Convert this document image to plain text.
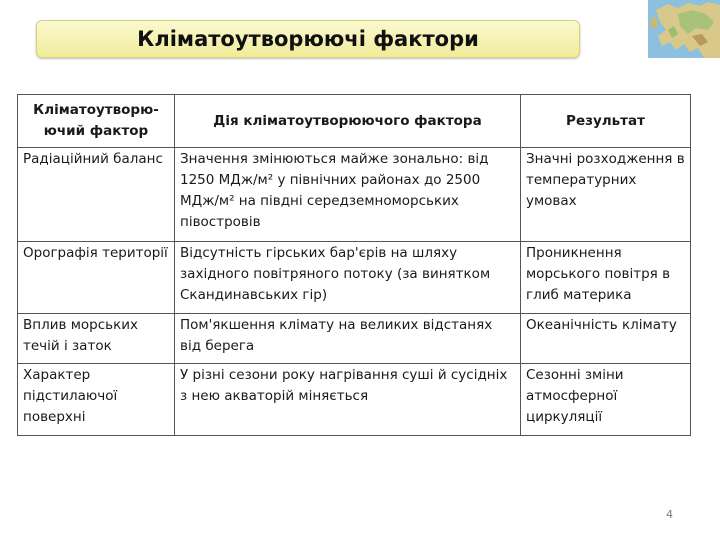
Кліматоутворюючі фактори
Кліматоутворю-ючий фактор	Дія кліматоутворюючого фактора	Результат
Радіаційний баланс	Значення змінюються майже зонально: від 1250 МДж/м² у північних районах до 2500 МДж/м² на півдні середземноморських півостровів	Значні розходження в температурних умовах
Орографія території	Відсутність гірських бар'єрів на шляху західного повітряного потоку (за винятком Скандинавських гір)	Проникнення морського повітря в глиб материка
Вплив морських течій і заток	Пом'якшення клімату на великих відстанях від берега	Океанічність клімату
Характер підстилаючої поверхні	У різні сезони року нагрівання суші й сусідніх з нею акваторій міняється	Сезонні зміни атмосферної циркуляції
4
